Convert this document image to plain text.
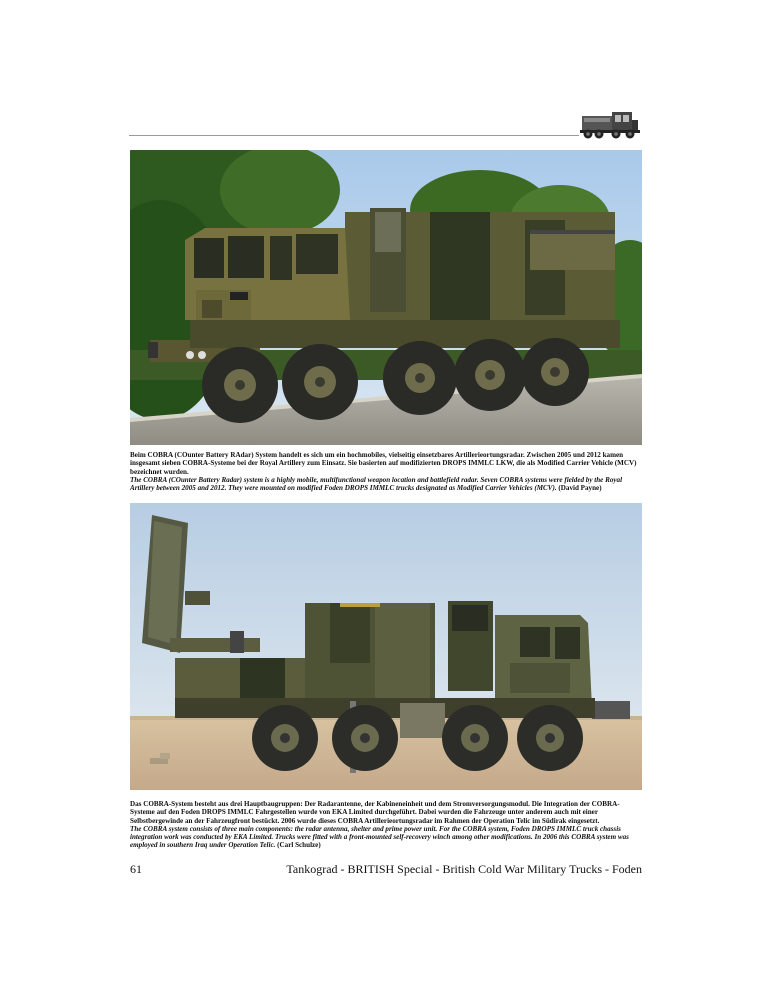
Beim COBRA (COunter Battery RAdar) System handelt es sich um ein hochmobiles, vielseitig einsetzbares Artillerieortungsradar. Zwischen 2005 und 2012 kamen insgesamt sieben COBRA-Systeme bei der Royal Artillery zum Einsatz. Sie basierten auf modifizierten DROPS IMMLC LKW, die als Modified Carrier Vehicle (MCV) bezeichnet wurden.

The COBRA (COunter Battery Radar) system is a highly mobile, multifunctional weapon location and battlefield radar. Seven COBRA systems were fielded by the Royal Artillery between 2005 and 2012. They were mounted on modified Foden DROPS IMMLC trucks designated as Modified Carrier Vehicles (MCV). (David Payne)

Das COBRA-System besteht aus drei Hauptbaugruppen: Der Radarantenne, der Kabineneinheit und dem Stromversorgungsmodul. Die Integration der COBRA-Systeme auf den Foden DROPS IMMLC Fahrgestellen wurde von EKA Limited durchgeführt. Dabei wurden die Fahrzeuge unter anderem auch mit einer Selbstbergewinde an der Fahrzeugfront bestückt. 2006 wurde dieses COBRA Artillerieortungsradar im Rahmen der Operation Telic im Südirak eingesetzt.

The COBRA system consists of three main components: the radar antenna, shelter and prime power unit. For the COBRA system, Foden DROPS IMMLC truck chassis integration work was conducted by EKA Limited. Trucks were fitted with a front-mounted self-recovery winch among other modifications. In 2006 this COBRA system was employed in southern Iraq under Operation Telic. (Carl Schulze)

61	Tankograd - BRITISH Special - British Cold War Military Trucks - Foden
